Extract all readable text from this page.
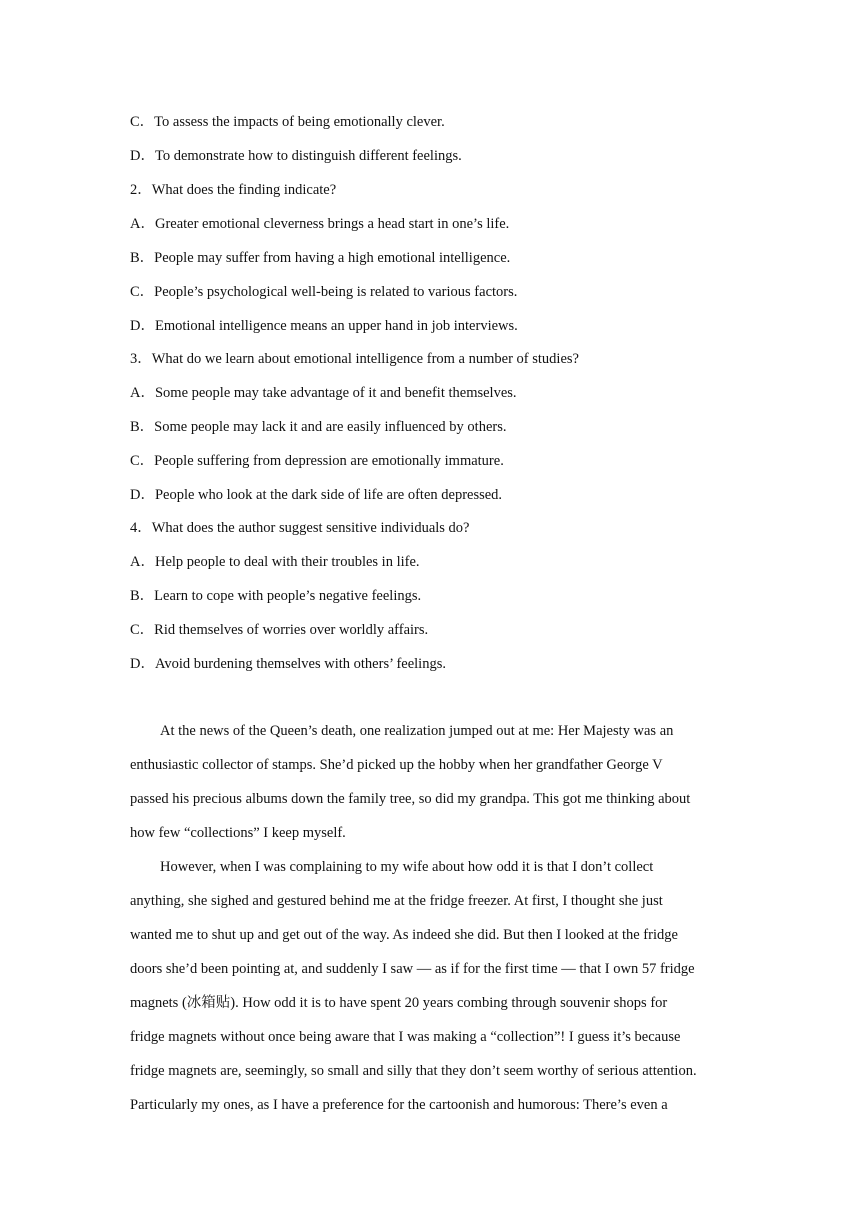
C．To assess the impacts of being emotionally clever.
D．To demonstrate how to distinguish different feelings.
2．What does the finding indicate?
A．Greater emotional cleverness brings a head start in one’s life.
B．People may suffer from having a high emotional intelligence.
C．People’s psychological well-being is related to various factors.
D．Emotional intelligence means an upper hand in job interviews.
3．What do we learn about emotional intelligence from a number of studies?
A．Some people may take advantage of it and benefit themselves.
B．Some people may lack it and are easily influenced by others.
C．People suffering from depression are emotionally immature.
D．People who look at the dark side of life are often depressed.
4．What does the author suggest sensitive individuals do?
A．Help people to deal with their troubles in life.
B．Learn to cope with people’s negative feelings.
C．Rid themselves of worries over worldly affairs.
D．Avoid burdening themselves with others’ feelings.
At the news of the Queen’s death, one realization jumped out at me: Her Majesty was an
enthusiastic collector of stamps. She’d picked up the hobby when her grandfather George V
passed his precious albums down the family tree, so did my grandpa. This got me thinking about
how few “collections” I keep myself.
However, when I was complaining to my wife about how odd it is that I don’t collect
anything, she sighed and gestured behind me at the fridge freezer. At first, I thought she just
wanted me to shut up and get out of the way. As indeed she did. But then I looked at the fridge
doors she’d been pointing at, and suddenly I saw — as if for the first time — that I own 57 fridge
magnets (冰箱贴). How odd it is to have spent 20 years combing through souvenir shops for
fridge magnets without once being aware that I was making a “collection”! I guess it’s because
fridge magnets are, seemingly, so small and silly that they don’t seem worthy of serious attention.
Particularly my ones, as I have a preference for the cartoonish and humorous: There’s even a
